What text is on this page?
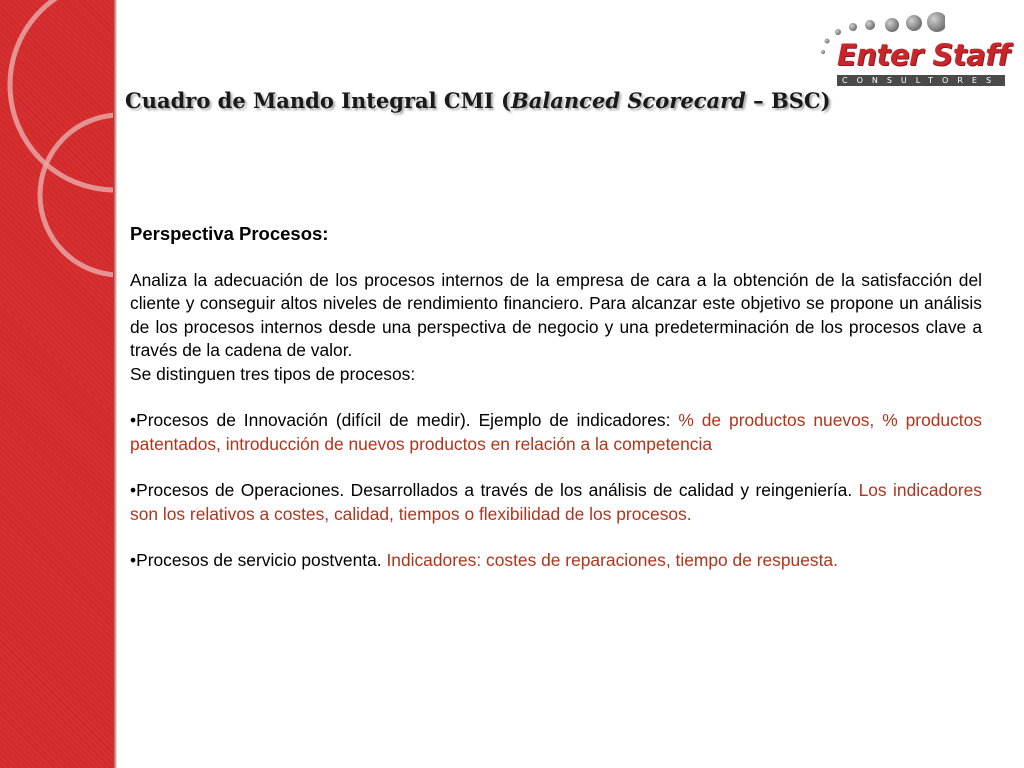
Enter Staff
CONSULTORES
Cuadro de Mando Integral CMI (Balanced Scorecard – BSC)

Perspectiva Procesos:

Analiza la adecuación de los procesos internos de la empresa de cara a la obtención de la satisfacción del cliente y conseguir altos niveles de rendimiento financiero. Para alcanzar este objetivo se propone un análisis de los procesos internos desde una perspectiva de negocio y una predeterminación de los procesos clave a través de la cadena de valor.

Se distinguen tres tipos de procesos:

•Procesos de Innovación (difícil de medir). Ejemplo de indicadores: % de productos nuevos, % productos patentados, introducción de nuevos productos en relación a la competencia

•Procesos de Operaciones. Desarrollados a través de los análisis de calidad y reingeniería. Los indicadores son los relativos a costes, calidad, tiempos o flexibilidad de los procesos.

•Procesos de servicio postventa. Indicadores: costes de reparaciones, tiempo de respuesta.
